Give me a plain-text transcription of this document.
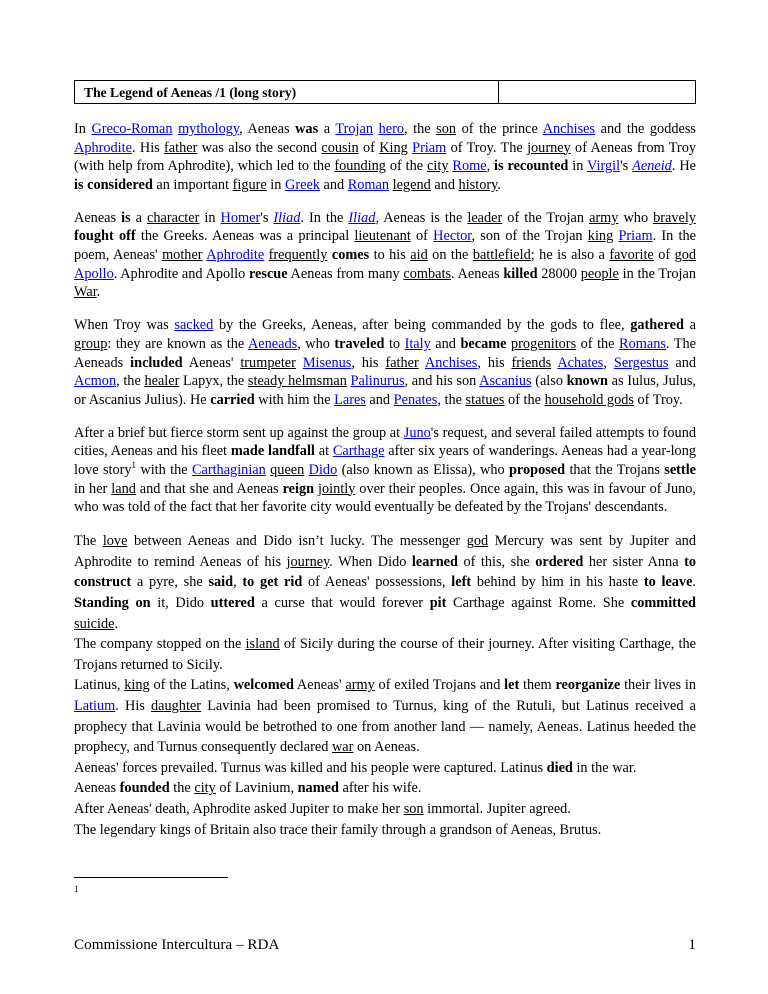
The Legend of Aeneas /1 (long story)

In Greco-Roman mythology, Aeneas was a Trojan hero, the son of the prince Anchises and the goddess Aphrodite. His father was also the second cousin of King Priam of Troy. The journey of Aeneas from Troy (with help from Aphrodite), which led to the founding of the city Rome, is recounted in Virgil's Aeneid. He is considered an important figure in Greek and Roman legend and history.

Aeneas is a character in Homer's Iliad. In the Iliad, Aeneas is the leader of the Trojan army who bravely fought off the Greeks. Aeneas was a principal lieutenant of Hector, son of the Trojan king Priam. In the poem, Aeneas' mother Aphrodite frequently comes to his aid on the battlefield; he is also a favorite of god Apollo. Aphrodite and Apollo rescue Aeneas from many combats. Aeneas killed 28000 people in the Trojan War.

When Troy was sacked by the Greeks, Aeneas, after being commanded by the gods to flee, gathered a group: they are known as the Aeneads, who traveled to Italy and became progenitors of the Romans. The Aeneads included Aeneas' trumpeter Misenus, his father Anchises, his friends Achates, Sergestus and Acmon, the healer Lapyx, the steady helmsman Palinurus, and his son Ascanius (also known as Iulus, Julus, or Ascanius Julius). He carried with him the Lares and Penates, the statues of the household gods of Troy.

After a brief but fierce storm sent up against the group at Juno's request, and several failed attempts to found cities, Aeneas and his fleet made landfall at Carthage after six years of wanderings. Aeneas had a year-long love story$^1$ with the Carthaginian queen Dido (also known as Elissa), who proposed that the Trojans settle in her land and that she and Aeneas reign jointly over their peoples. Once again, this was in favour of Juno, who was told of the fact that her favorite city would eventually be defeated by the Trojans' descendants.

The love between Aeneas and Dido isn’t lucky. The messenger god Mercury was sent by Jupiter and Aphrodite to remind Aeneas of his journey. When Dido learned of this, she ordered her sister Anna to construct a pyre, she said, to get rid of Aeneas' possessions, left behind by him in his haste to leave. Standing on it, Dido uttered a curse that would forever pit Carthage against Rome. She committed suicide.

The company stopped on the island of Sicily during the course of their journey. After visiting Carthage, the Trojans returned to Sicily.

Latinus, king of the Latins, welcomed Aeneas' army of exiled Trojans and let them reorganize their lives in Latium. His daughter Lavinia had been promised to Turnus, king of the Rutuli, but Latinus received a prophecy that Lavinia would be betrothed to one from another land — namely, Aeneas. Latinus heeded the prophecy, and Turnus consequently declared war on Aeneas.

Aeneas' forces prevailed. Turnus was killed and his people were captured. Latinus died in the war.

Aeneas founded the city of Lavinium, named after his wife.

After Aeneas' death, Aphrodite asked Jupiter to make her son immortal. Jupiter agreed.

The legendary kings of Britain also trace their family through a grandson of Aeneas, Brutus.

1
Commissione Intercultura – RDA	1
